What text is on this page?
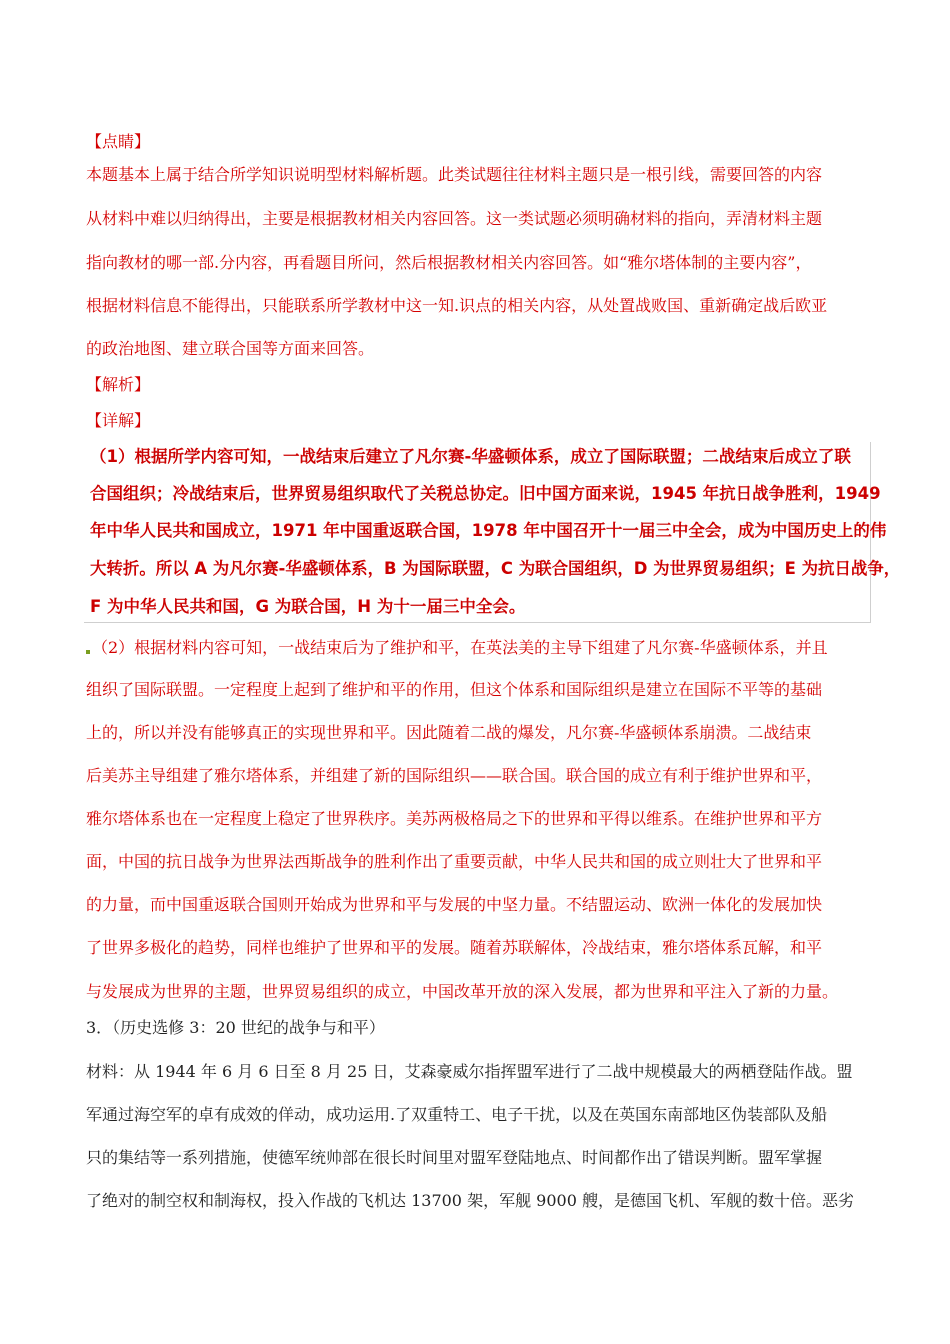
【点睛】
本题基本上属于结合所学知识说明型材料解析题。此类试题往往材料主题只是一根引线，需要回答的内容
从材料中难以归纳得出，主要是根据教材相关内容回答。这一类试题必须明确材料的指向，弄清材料主题
指向教材的哪一部.分内容，再看题目所问，然后根据教材相关内容回答。如“雅尔塔体制的主要内容”，
根据材料信息不能得出，只能联系所学教材中这一知.识点的相关内容，从处置战败国、重新确定战后欧亚
的政治地图、建立联合国等方面来回答。
【解析】
【详解】
（1）根据所学内容可知，一战结束后建立了凡尔赛-华盛顿体系，成立了国际联盟；二战结束后成立了联
合国组织；冷战结束后，世界贸易组织取代了关税总协定。旧中国方面来说，1945 年抗日战争胜利，1949
年中华人民共和国成立，1971 年中国重返联合国，1978 年中国召开十一届三中全会，成为中国历史上的伟
大转折。所以 A 为凡尔赛-华盛顿体系，B 为国际联盟，C 为联合国组织，D 为世界贸易组织；E 为抗日战争，
F 为中华人民共和国，G 为联合国，H 为十一届三中全会。
（2）根据材料内容可知，一战结束后为了维护和平，在英法美的主导下组建了凡尔赛-华盛顿体系，并且
组织了国际联盟。一定程度上起到了维护和平的作用，但这个体系和国际组织是建立在国际不平等的基础
上的，所以并没有能够真正的实现世界和平。因此随着二战的爆发，凡尔赛-华盛顿体系崩溃。二战结束
后美苏主导组建了雅尔塔体系，并组建了新的国际组织——联合国。联合国的成立有利于维护世界和平，
雅尔塔体系也在一定程度上稳定了世界秩序。美苏两极格局之下的世界和平得以维系。在维护世界和平方
面，中国的抗日战争为世界法西斯战争的胜利作出了重要贡献，中华人民共和国的成立则壮大了世界和平
的力量，而中国重返联合国则开始成为世界和平与发展的中坚力量。不结盟运动、欧洲一体化的发展加快
了世界多极化的趋势，同样也维护了世界和平的发展。随着苏联解体，冷战结束，雅尔塔体系瓦解，和平
与发展成为世界的主题，世界贸易组织的成立，中国改革开放的深入发展，都为世界和平注入了新的力量。
3．（历史选修 3：20 世纪的战争与和平）
材料：从 1944 年 6 月 6 日至 8 月 25 日，艾森豪威尔指挥盟军进行了二战中规模最大的两栖登陆作战。盟
军通过海空军的卓有成效的佯动，成功运用.了双重特工、电子干扰，以及在英国东南部地区伪装部队及船
只的集结等一系列措施，使德军统帅部在很长时间里对盟军登陆地点、时间都作出了错误判断。盟军掌握
了绝对的制空权和制海权，投入作战的飞机达 13700 架，军舰 9000 艘，是德国飞机、军舰的数十倍。恶劣
